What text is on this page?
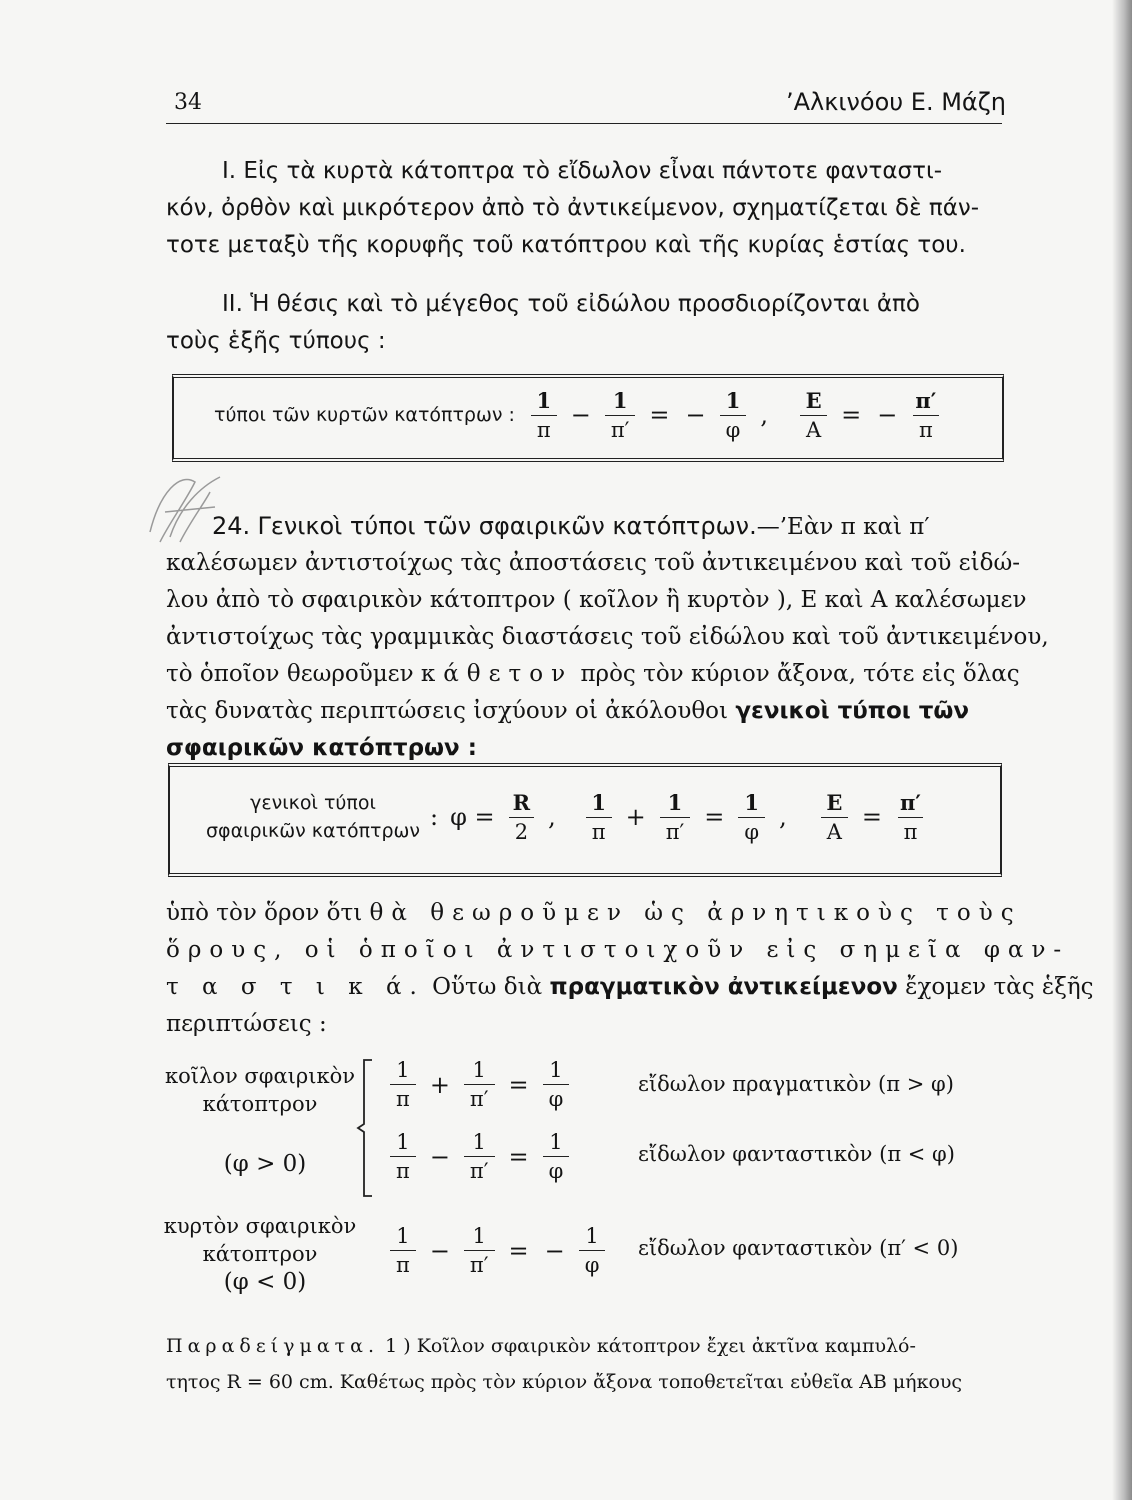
34	’Αλκινόου Ε. Μάζη
Ι. Εἰς τὰ κυρτὰ κάτοπτρα τὸ εἴδωλον εἶναι πάντοτε φανταστι-
κόν, ὀρθὸν καὶ μικρότερον ἀπὸ τὸ ἀντικείμενον, σχηματίζεται δὲ πάν-
τοτε μεταξὺ τῆς κορυφῆς τοῦ κατόπτρου καὶ τῆς κυρίας ἑστίας του.
ΙΙ. Ἡ θέσις καὶ τὸ μέγεθος τοῦ εἰδώλου προσδιορίζονται ἀπὸ
τοὺς ἑξῆς τύπους :
τύποι τῶν κυρτῶν κατόπτρων : $\frac{1}{\pi} - \frac{1}{\pi'}$ = − $\frac{1}{\varphi}$ , $\frac{E}{A}$ = − $\frac{\pi'}{\pi}$
24. Γενικοὶ τύποι τῶν σφαιρικῶν κατόπτρων.—’Εὰν π καὶ π′
καλέσωμεν ἀντιστοίχως τὰς ἀποστάσεις τοῦ ἀντικειμένου καὶ τοῦ εἰδώ-
λου ἀπὸ τὸ σφαιρικὸν κάτοπτρον ( κοῖλον ἢ κυρτὸν ), Ε καὶ Α καλέσωμεν
ἀντιστοίχως τὰς γραμμικὰς διαστάσεις τοῦ εἰδώλου καὶ τοῦ ἀντικειμένου,
τὸ ὁποῖον θεωροῦμεν κάθετον πρὸς τὸν κύριον ἄξονα, τότε εἰς ὅλας
τὰς δυνατὰς περιπτώσεις ἰσχύουν οἱ ἀκόλουθοι γενικοὶ τύποι τῶν
σφαιρικῶν κατόπτρων :
γενικοὶ τύποι
σφαιρικῶν κατόπτρων : $\varphi = \frac{R}{2}$ , $\frac{1}{\pi} + \frac{1}{\pi'} = \frac{1}{\varphi}$ , $\frac{E}{A} = \frac{\pi'}{\pi}$
ὑπὸ τὸν ὅρον ὅτι θὰ θεωροῦμεν ὡς ἀρνητικοὺς τοὺς
ὅρους, οἱ ὁποῖοι ἀντιστοιχοῦν εἰς σημεῖα φαν-
τ α σ τ ι κ ά. Οὕτω διὰ πραγματικὸν ἀντικείμενον ἔχομεν τὰς ἑξῆς
περιπτώσεις :
κοῖλον σφαιρικὸν
κάτοπτρον
(φ > 0)
$\frac{1}{\pi} + \frac{1}{\pi'} = \frac{1}{\varphi}$	εἴδωλον πραγματικὸν (π > φ)
$\frac{1}{\pi} - \frac{1}{\pi'} = \frac{1}{\varphi}$	εἴδωλον φανταστικὸν (π < φ)
κυρτὸν σφαιρικὸν
κάτοπτρον
(φ < 0)
$\frac{1}{\pi} - \frac{1}{\pi'}$ = − $\frac{1}{\varphi}$ εἴδωλον φανταστικὸν (π′ < 0)
Παραδείγματα. 1 ) Κοῖλον σφαιρικὸν κάτοπτρον ἔχει ἀκτῖνα καμπυλό-
τητος R = 60 cm. Καθέτως πρὸς τὸν κύριον ἄξονα τοποθετεῖται εὐθεῖα ΑΒ μήκους
